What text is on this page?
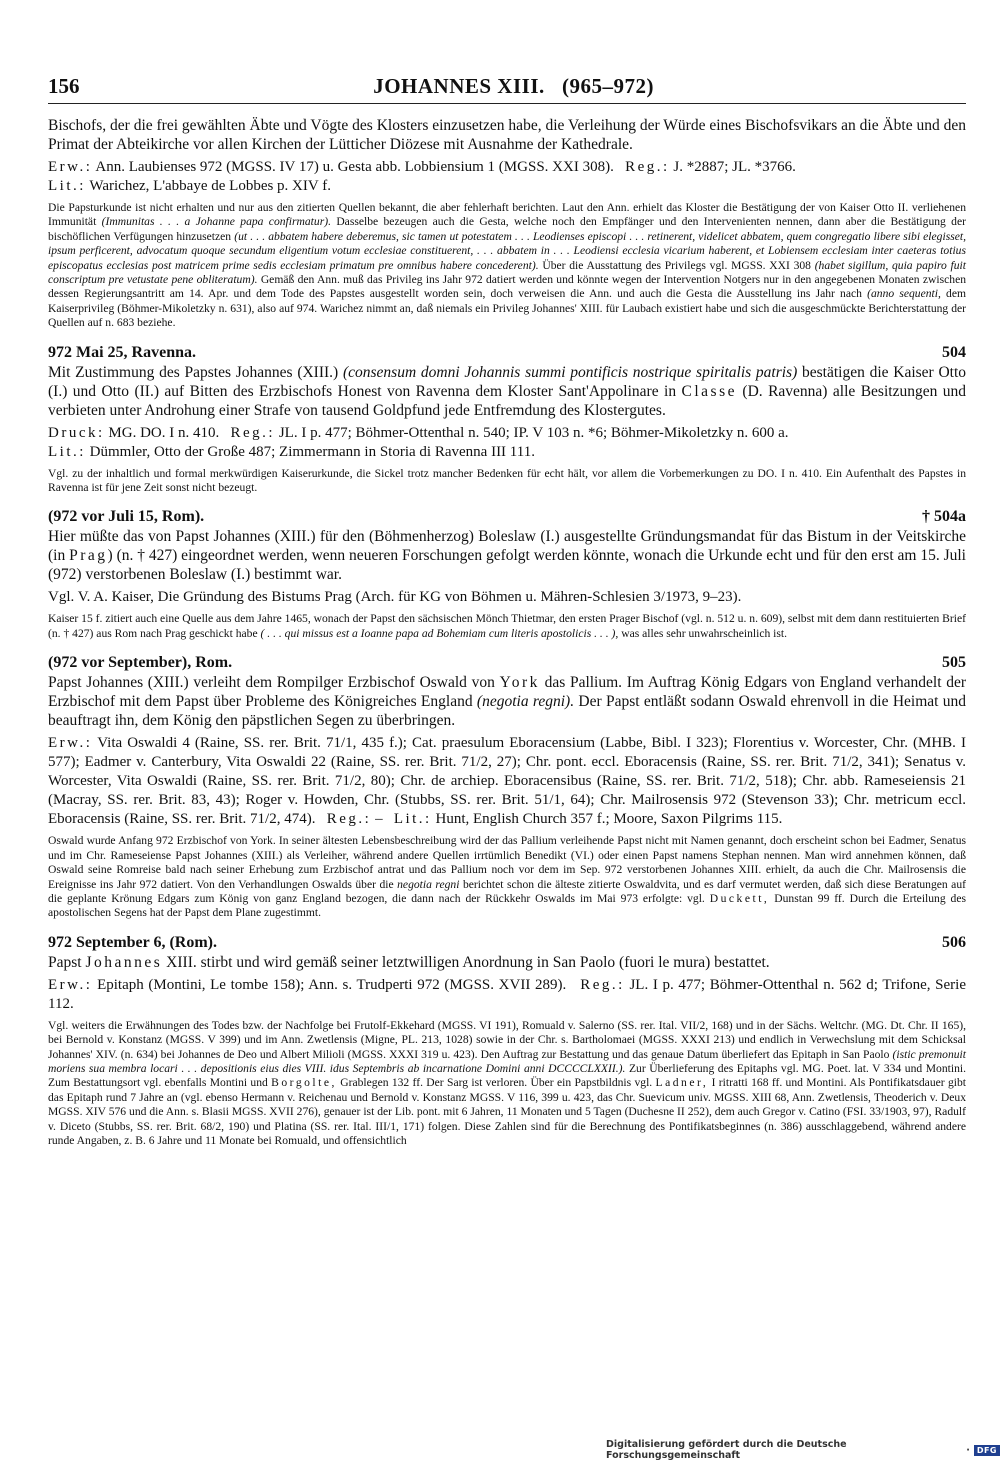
156	JOHANNES XIII. (965–972)

Bischofs, der die frei gewählten Äbte und Vögte des Klosters einzusetzen habe, die Verleihung der Würde eines Bischofsvikars an die Äbte und den Primat der Abteikirche vor allen Kirchen der Lütticher Diözese mit Ausnahme der Kathedrale.

Erw.: Ann. Laubienses 972 (MGSS. IV 17) u. Gesta abb. Lobbiensium 1 (MGSS. XXI 308). Reg.: J. *2887; JL. *3766.
Lit.: Warichez, L'abbaye de Lobbes p. XIV f.

Die Papsturkunde ist nicht erhalten und nur aus den zitierten Quellen bekannt, die aber fehlerhaft berichten. Laut den Ann. erhielt das Kloster die Bestätigung der von Kaiser Otto II. verliehenen Immunität (Immunitas . . . a Johanne papa confirmatur). Dasselbe bezeugen auch die Gesta, welche noch den Empfänger und den Intervenienten nennen, dann aber die Bestätigung der bischöflichen Verfügungen hinzusetzen (ut . . . abbatem habere deberemus, sic tamen ut potestatem . . . Leodienses episcopi . . . retinerent, videlicet abbatem, quem congregatio libere sibi elegisset, ipsum perficerent, advocatum quoque secundum eligentium votum ecclesiae constituerent, . . . abbatem in . . . Leodiensi ecclesia vicarium haberent, et Lobiensem ecclesiam inter caeteras totius episcopatus ecclesias post matricem prime sedis ecclesiam primatum pre omnibus habere concederent). Über die Ausstattung des Privilegs vgl. MGSS. XXI 308 (habet sigillum, quia papiro fuit conscriptum pre vetustate pene obliteratum). Gemäß den Ann. muß das Privileg ins Jahr 972 datiert werden und könnte wegen der Intervention Notgers nur in den angegebenen Monaten zwischen dessen Regierungsantritt am 14. Apr. und dem Tode des Papstes ausgestellt worden sein, doch verweisen die Ann. und auch die Gesta die Ausstellung ins Jahr nach (anno sequenti, dem Kaiserprivileg (Böhmer-Mikoletzky n. 631), also auf 974. Warichez nimmt an, daß niemals ein Privileg Johannes' XIII. für Laubach existiert habe und sich die ausgeschmückte Berichterstattung der Quellen auf n. 683 beziehe.

972 Mai 25, Ravenna.	504

Mit Zustimmung des Papstes Johannes (XIII.) (consensum domni Johannis summi pontificis nostrique spiritalis patris) bestätigen die Kaiser Otto (I.) und Otto (II.) auf Bitten des Erzbischofs Honest von Ravenna dem Kloster Sant'Appolinare in Classe (D. Ravenna) alle Besitzungen und verbieten unter Androhung einer Strafe von tausend Goldpfund jede Entfremdung des Klostergutes.

Druck: MG. DO. I n. 410. Reg.: JL. I p. 477; Böhmer-Ottenthal n. 540; IP. V 103 n. *6; Böhmer-Mikoletzky n. 600 a.
Lit.: Dümmler, Otto der Große 487; Zimmermann in Storia di Ravenna III 111.

Vgl. zu der inhaltlich und formal merkwürdigen Kaiserurkunde, die Sickel trotz mancher Bedenken für echt hält, vor allem die Vorbemerkungen zu DO. I n. 410. Ein Aufenthalt des Papstes in Ravenna ist für jene Zeit sonst nicht bezeugt.

(972 vor Juli 15, Rom).	† 504a

Hier müßte das von Papst Johannes (XIII.) für den (Böhmenherzog) Boleslaw (I.) ausgestellte Gründungsmandat für das Bistum in der Veitskirche (in Prag) (n. † 427) eingeordnet werden, wenn neueren Forschungen gefolgt werden könnte, wonach die Urkunde echt und für den erst am 15. Juli (972) verstorbenen Boleslaw (I.) bestimmt war.

Vgl. V. A. Kaiser, Die Gründung des Bistums Prag (Arch. für KG von Böhmen u. Mähren-Schlesien 3/1973, 9–23).

Kaiser 15 f. zitiert auch eine Quelle aus dem Jahre 1465, wonach der Papst den sächsischen Mönch Thietmar, den ersten Prager Bischof (vgl. n. 512 u. n. 609), selbst mit dem dann restituierten Brief (n. † 427) aus Rom nach Prag geschickt habe ( . . . qui missus est a Ioanne papa ad Bohemiam cum literis apostolicis . . . ), was alles sehr unwahrscheinlich ist.

(972 vor September), Rom.	505

Papst Johannes (XIII.) verleiht dem Rompilger Erzbischof Oswald von York das Pallium. Im Auftrag König Edgars von England verhandelt der Erzbischof mit dem Papst über Probleme des Königreiches England (negotia regni). Der Papst entläßt sodann Oswald ehrenvoll in die Heimat und beauftragt ihn, dem König den päpstlichen Segen zu überbringen.

Erw.: Vita Oswaldi 4 (Raine, SS. rer. Brit. 71/1, 435 f.); Cat. praesulum Eboracensium (Labbe, Bibl. I 323); Florentius v. Worcester, Chr. (MHB. I 577); Eadmer v. Canterbury, Vita Oswaldi 22 (Raine, SS. rer. Brit. 71/2, 27); Chr. pont. eccl. Eboracensis (Raine, SS. rer. Brit. 71/2, 341); Senatus v. Worcester, Vita Oswaldi (Raine, SS. rer. Brit. 71/2, 80); Chr. de archiep. Eboracensibus (Raine, SS. rer. Brit. 71/2, 518); Chr. abb. Rameseiensis 21 (Macray, SS. rer. Brit. 83, 43); Roger v. Howden, Chr. (Stubbs, SS. rer. Brit. 51/1, 64); Chr. Mailrosensis 972 (Stevenson 33); Chr. metricum eccl. Eboracensis (Raine, SS. rer. Brit. 71/2, 474). Reg.: – Lit.: Hunt, English Church 357 f.; Moore, Saxon Pilgrims 115.

Oswald wurde Anfang 972 Erzbischof von York. In seiner ältesten Lebensbeschreibung wird der das Pallium verleihende Papst nicht mit Namen genannt, doch erscheint schon bei Eadmer, Senatus und im Chr. Rameseiense Papst Johannes (XIII.) als Verleiher, während andere Quellen irrtümlich Benedikt (VI.) oder einen Papst namens Stephan nennen. Man wird annehmen können, daß Oswald seine Romreise bald nach seiner Erhebung zum Erzbischof antrat und das Pallium noch vor dem im Sep. 972 verstorbenen Johannes XIII. erhielt, da auch die Chr. Mailrosensis die Ereignisse ins Jahr 972 datiert. Von den Verhandlungen Oswalds über die negotia regni berichtet schon die älteste zitierte Oswaldvita, und es darf vermutet werden, daß sich diese Beratungen auf die geplante Krönung Edgars zum König von ganz England bezogen, die dann nach der Rückkehr Oswalds im Mai 973 erfolgte: vgl. Duckett, Dunstan 99 ff. Durch die Erteilung des apostolischen Segens hat der Papst dem Plane zugestimmt.

972 September 6, (Rom).	506

Papst Johannes XIII. stirbt und wird gemäß seiner letztwilligen Anordnung in San Paolo (fuori le mura) bestattet.

Erw.: Epitaph (Montini, Le tombe 158); Ann. s. Trudperti 972 (MGSS. XVII 289). Reg.: JL. I p. 477; Böhmer-Ottenthal n. 562 d; Trifone, Serie 112.

Vgl. weiters die Erwähnungen des Todes bzw. der Nachfolge bei Frutolf-Ekkehard (MGSS. VI 191), Romuald v. Salerno (SS. rer. Ital. VII/2, 168) und in der Sächs. Weltchr. (MG. Dt. Chr. II 165), bei Bernold v. Konstanz (MGSS. V 399) und im Ann. Zwetlensis (Migne, PL. 213, 1028) sowie in der Chr. s. Bartholomaei (MGSS. XXXI 213) und endlich in Verwechslung mit dem Schicksal Johannes' XIV. (n. 634) bei Johannes de Deo und Albert Milioli (MGSS. XXXI 319 u. 423). Den Auftrag zur Bestattung und das genaue Datum überliefert das Epitaph in San Paolo (istic premonuit moriens sua membra locari . . . depositionis eius dies VIII. idus Septembris ab incarnatione Domini anni DCCCCLXXII.). Zur Überlieferung des Epitaphs vgl. MG. Poet. lat. V 334 und Montini. Zum Bestattungsort vgl. ebenfalls Montini und Borgolte, Grablegen 132 ff. Der Sarg ist verloren. Über ein Papstbildnis vgl. Ladner, I ritratti 168 ff. und Montini. Als Pontifikatsdauer gibt das Epitaph rund 7 Jahre an (vgl. ebenso Hermann v. Reichenau und Bernold v. Konstanz MGSS. V 116, 399 u. 423, das Chr. Suevicum univ. MGSS. XIII 68, Ann. Zwetlensis, Theoderich v. Deux MGSS. XIV 576 und die Ann. s. Blasii MGSS. XVII 276), genauer ist der Lib. pont. mit 6 Jahren, 11 Monaten und 5 Tagen (Duchesne II 252), dem auch Gregor v. Catino (FSI. 33/1903, 97), Radulf v. Diceto (Stubbs, SS. rer. Brit. 68/2, 190) und Platina (SS. rer. Ital. III/1, 171) folgen. Diese Zahlen sind für die Berechnung des Pontifikatsbeginnes (n. 386) ausschlaggebend, während andere runde Angaben, z. B. 6 Jahre und 11 Monate bei Romuald, und offensichtlich

Digitalisierung gefördert durch die Deutsche Forschungsgemeinschaft	· DFG
